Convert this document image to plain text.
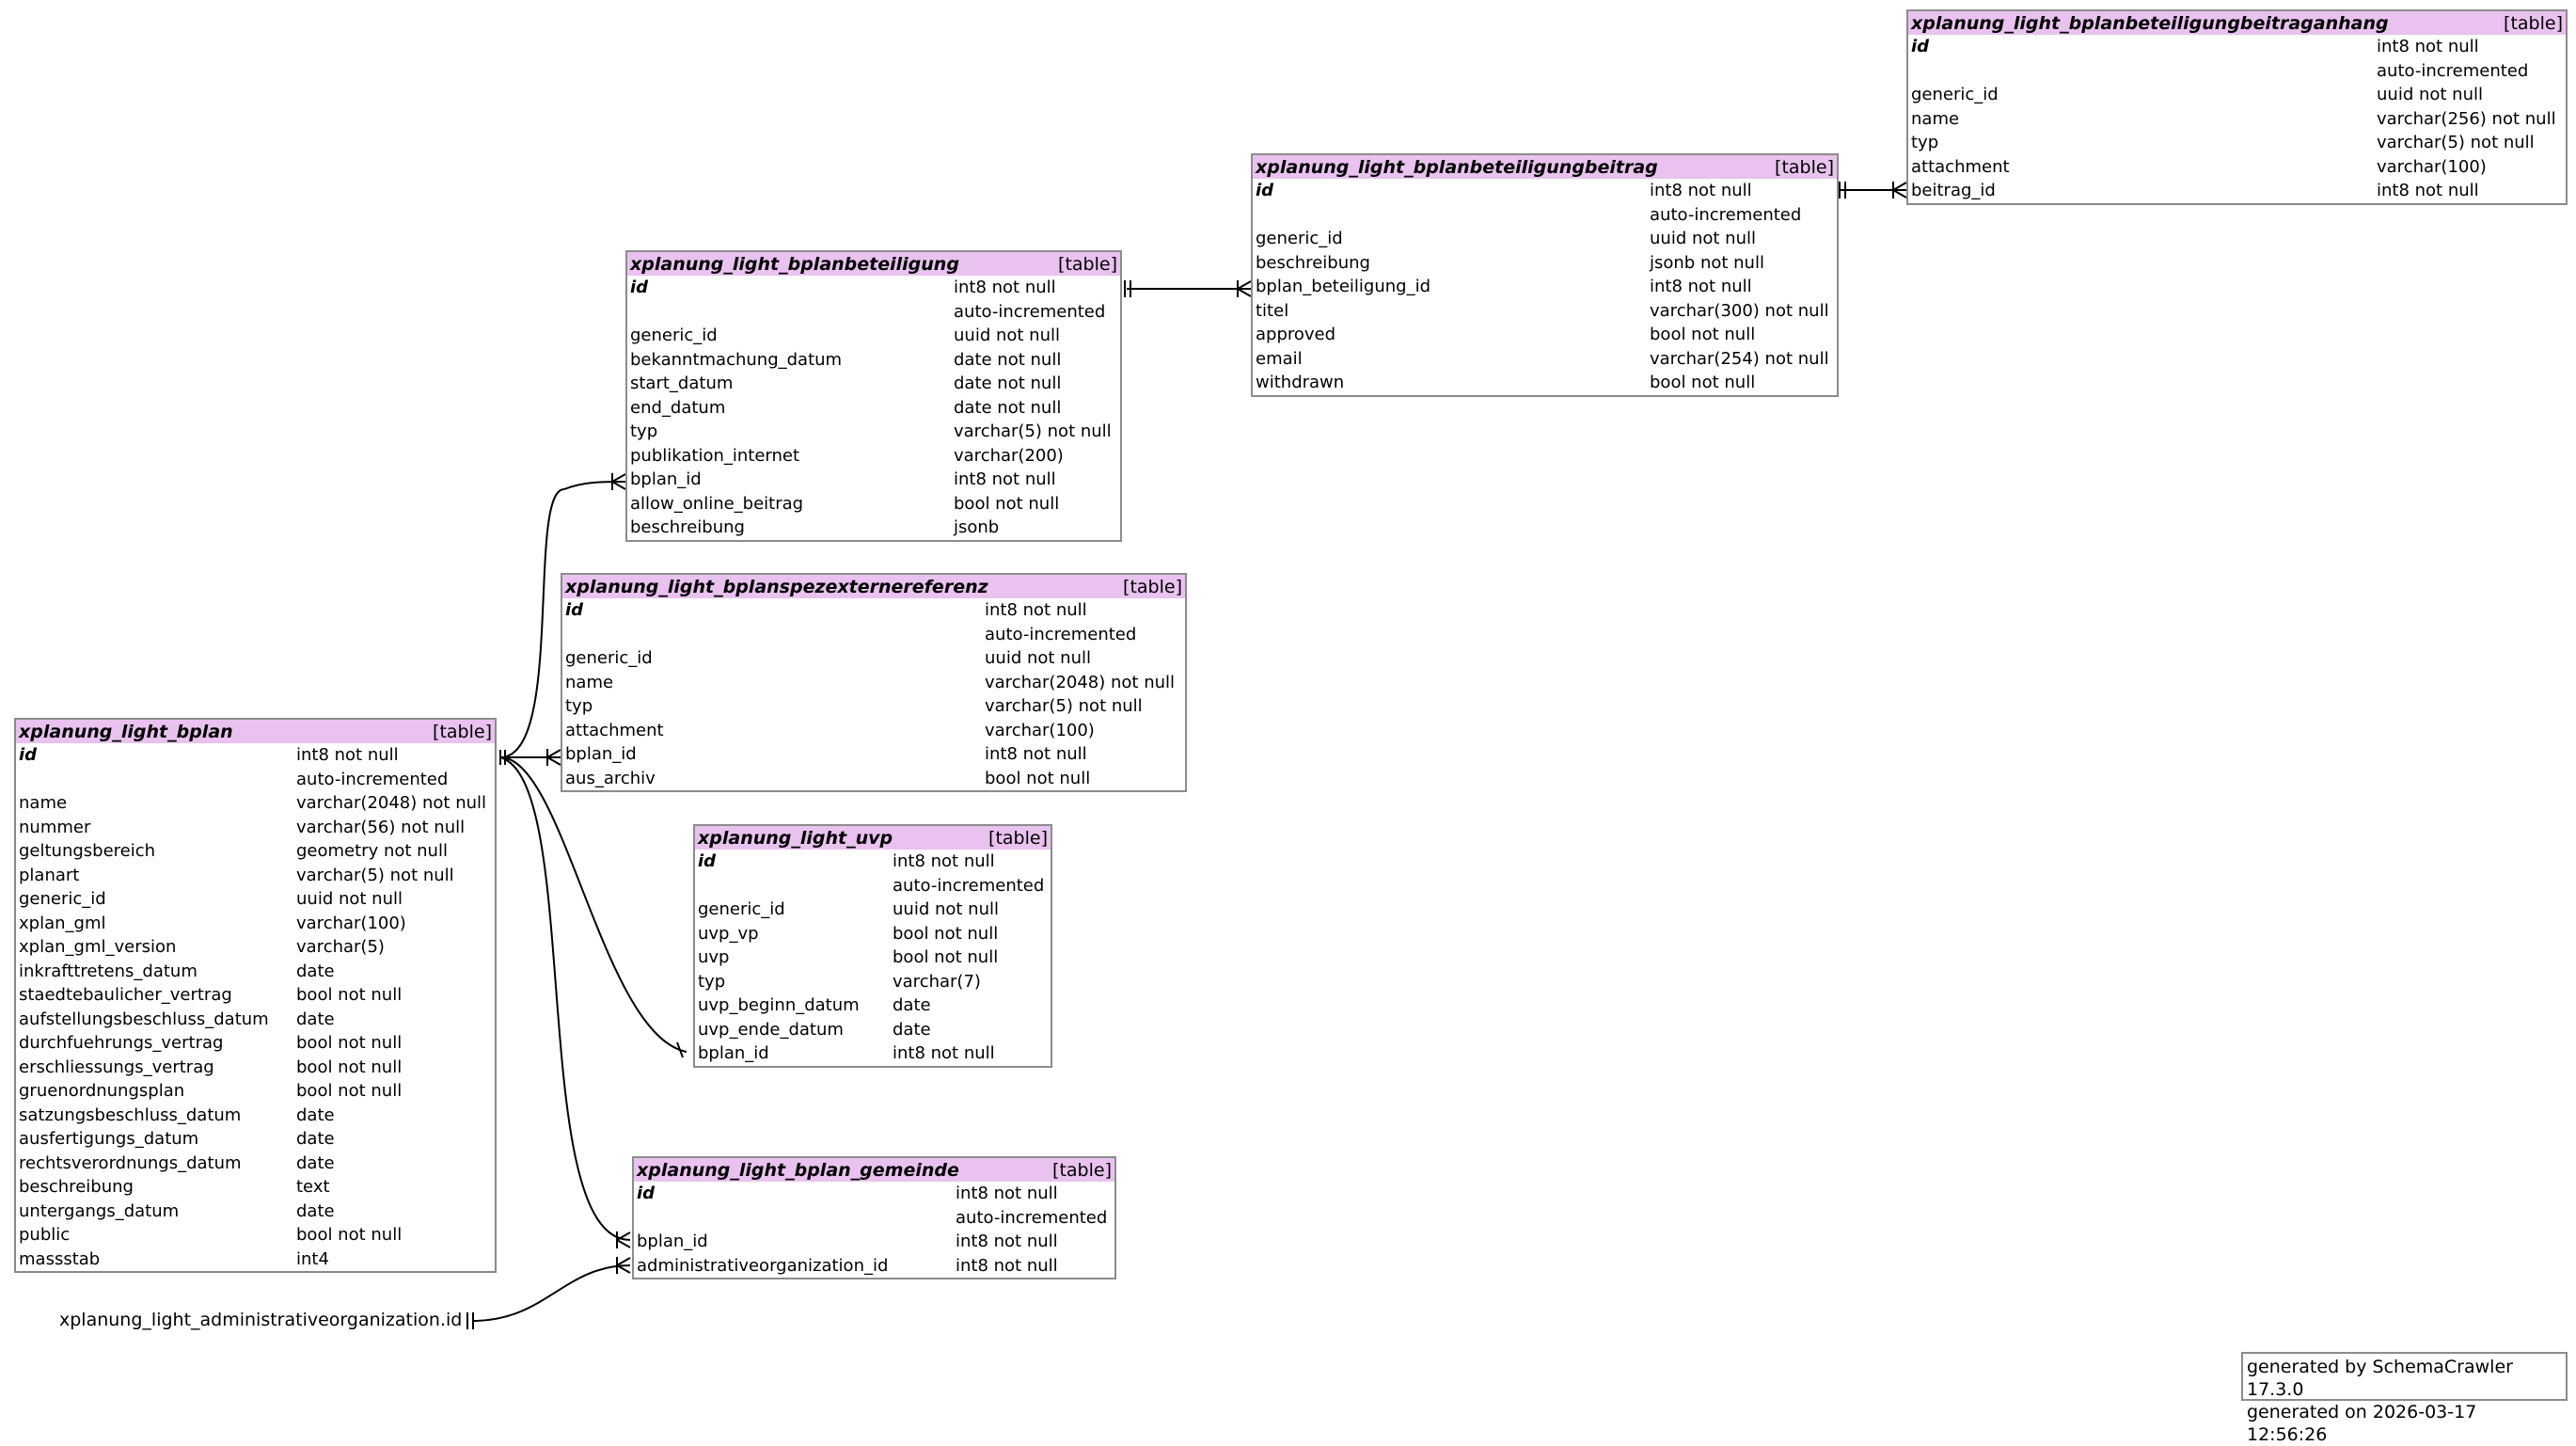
xplanung_light_bplanbeteiligungbeitraganhang	[table]
id	int8 not null
auto-incremented
generic_id	uuid not null
name	varchar(256) not null
typ	varchar(5) not null
attachment	varchar(100)
beitrag_id	int8 not null
xplanung_light_bplanbeteiligungbeitrag	[table]
id	int8 not null
auto-incremented
generic_id	uuid not null
beschreibung	jsonb not null
bplan_beteiligung_id	int8 not null
titel	varchar(300) not null
approved	bool not null
email	varchar(254) not null
withdrawn	bool not null
xplanung_light_bplanbeteiligung	[table]
id	int8 not null
auto-incremented
generic_id	uuid not null
bekanntmachung_datum	date not null
start_datum	date not null
end_datum	date not null
typ	varchar(5) not null
publikation_internet	varchar(200)
bplan_id	int8 not null
allow_online_beitrag	bool not null
beschreibung	jsonb
xplanung_light_bplanspezexternereferenz	[table]
id	int8 not null
auto-incremented
generic_id	uuid not null
name	varchar(2048) not null
typ	varchar(5) not null
attachment	varchar(100)
bplan_id	int8 not null
aus_archiv	bool not null
xplanung_light_bplan	[table]
id	int8 not null
auto-incremented
name	varchar(2048) not null
nummer	varchar(56) not null
geltungsbereich	geometry not null
planart	varchar(5) not null
generic_id	uuid not null
xplan_gml	varchar(100)
xplan_gml_version	varchar(5)
inkrafttretens_datum	date
staedtebaulicher_vertrag	bool not null
aufstellungsbeschluss_datum	date
durchfuehrungs_vertrag	bool not null
erschliessungs_vertrag	bool not null
gruenordnungsplan	bool not null
satzungsbeschluss_datum	date
ausfertigungs_datum	date
rechtsverordnungs_datum	date
beschreibung	text
untergangs_datum	date
public	bool not null
massstab	int4
xplanung_light_uvp	[table]
id	int8 not null
auto-incremented
generic_id	uuid not null
uvp_vp	bool not null
uvp	bool not null
typ	varchar(7)
uvp_beginn_datum	date
uvp_ende_datum	date
bplan_id	int8 not null
xplanung_light_bplan_gemeinde	[table]
id	int8 not null
auto-incremented
bplan_id	int8 not null
administrativeorganization_id	int8 not null
xplanung_light_administrativeorganization.id
generated by SchemaCrawler 17.3.0
generated on 2026-03-17 12:56:26
